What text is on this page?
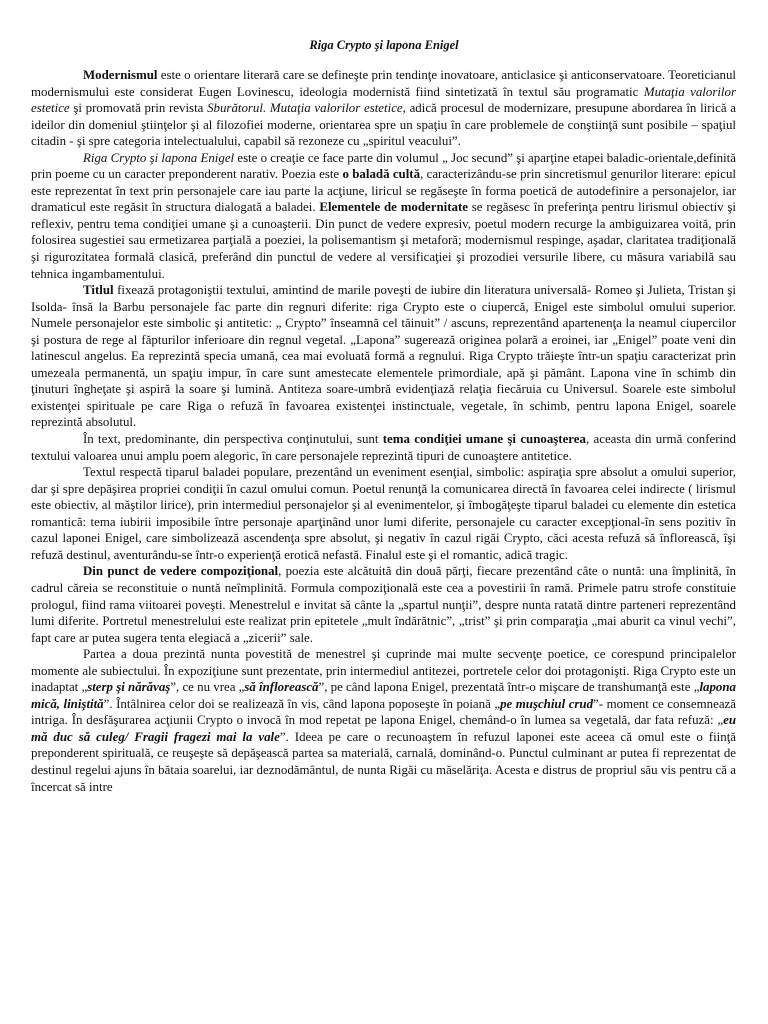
Riga Crypto şi lapona Enigel

Modernismul este o orientare literară care se defineşte prin tendinţe inovatoare, anticlasice şi anticonservatoare. Teoreticianul modernismului este considerat Eugen Lovinescu, ideologia modernistă fiind sintetizată în textul său programatic Mutaţia valorilor estetice şi promovată prin revista Sburătorul. Mutaţia valorilor estetice, adică procesul de modernizare, presupune abordarea în lirică a ideilor din domeniul ştiinţelor şi al filozofiei moderne, orientarea spre un spaţiu în care problemele de conştiinţă sunt posibile – spaţiul citadin - şi spre categoria intelectualului, capabil să rezoneze cu „spiritul veacului”.

Riga Crypto şi lapona Enigel este o creaţie ce face parte din volumul „ Joc secund” şi aparţine etapei baladic-orientale,definită prin poeme cu un caracter preponderent narativ. Poezia este o baladă cultă, caracterizându-se prin sincretismul genurilor literare: epicul este reprezentat în text prin personajele care iau parte la acţiune, liricul se regăseşte în forma poetică de autodefinire a personajelor, iar dramaticul este regăsit în structura dialogată a baladei. Elementele de modernitate se regăsesc în preferinţa pentru lirismul obiectiv şi reflexiv, pentru tema condiţiei umane şi a cunoaşterii. Din punct de vedere expresiv, poetul modern recurge la ambiguizarea voită, prin folosirea sugestiei sau ermetizarea parţială a poeziei, la polisemantism şi metaforă; modernismul respinge, aşadar, claritatea tradiţională şi rigurozitatea formală clasică, preferând din punctul de vedere al versificaţiei şi prozodiei versurile libere, cu măsura variabilă sau tehnica ingambamentului.

Titlul fixează protagoniştii textului, amintind de marile poveşti de iubire din literatura universală- Romeo şi Julieta, Tristan şi Isolda- însă la Barbu personajele fac parte din regnuri diferite: riga Crypto este o ciupercă, Enigel este simbolul omului superior. Numele personajelor este simbolic şi antitetic: „ Crypto” înseamnă cel tăinuit” / ascuns, reprezentând apartenenţa la neamul ciupercilor şi postura de rege al făpturilor inferioare din regnul vegetal. „Lapona” sugerează originea polară a eroinei, iar „Enigel” poate veni din latinescul angelus. Ea reprezintă specia umană, cea mai evoluată formă a regnului. Riga Crypto trăieşte într-un spaţiu caracterizat prin umezeala permanentă, un spaţiu impur, în care sunt amestecate elementele primordiale, apă şi pământ. Lapona vine în schimb din ţinuturi îngheţate şi aspiră la soare şi lumină. Antiteza soare-umbră evidenţiază relaţia fiecăruia cu Universul. Soarele este simbolul existenţei spirituale pe care Riga o refuză în favoarea existenţei instinctuale, vegetale, în schimb, pentru lapona Enigel, soarele reprezintă absolutul.

În text, predominante, din perspectiva conţinutului, sunt tema condiţiei umane şi cunoaşterea, aceasta din urmă conferind textului valoarea unui amplu poem alegoric, în care personajele reprezintă tipuri de cunoaştere antitetice.

Textul respectă tiparul baladei populare, prezentând un eveniment esenţial, simbolic: aspiraţia spre absolut a omului superior, dar şi spre depăşirea propriei condiţii în cazul omului comun. Poetul renunţă la comunicarea directă în favoarea celei indirecte ( lirismul este obiectiv, al măştilor lirice), prin intermediul personajelor şi al evenimentelor, şi îmbogăţeşte tiparul baladei cu elemente din estetica romantică: tema iubirii imposibile între personaje aparţinând unor lumi diferite, personajele cu caracter excepţional-în sens pozitiv în cazul laponei Enigel, care simbolizează ascendenţa spre absolut, şi negativ în cazul rigăi Crypto, căci acesta refuză să înflorească, îşi refuză destinul, aventurându-se într-o experienţă erotică nefastă. Finalul este şi el romantic, adică tragic.

Din punct de vedere compoziţional, poezia este alcătuită din două părţi, fiecare prezentând câte o nuntă: una împlinită, în cadrul căreia se reconstituie o nuntă neîmplinită. Formula compoziţională este cea a povestirii în ramă. Primele patru strofe constituie prologul, fiind rama viitoarei poveşti. Menestrelul e invitat să cânte la „spartul nunţii”, despre nunta ratată dintre parteneri reprezentând lumi diferite. Portretul menestrelului este realizat prin epitetele „mult îndărătnic”, „trist” şi prin comparaţia „mai aburit ca vinul vechi”, fapt care ar putea sugera tenta elegiacă a „zicerii” sale.

Partea a doua prezintă nunta povestită de menestrel şi cuprinde mai multe secvenţe poetice, ce corespund principalelor momente ale subiectului. În expoziţiune sunt prezentate, prin intermediul antitezei, portretele celor doi protagonişti. Riga Crypto este un inadaptat „sterp şi nărăvaş”, ce nu vrea „să înflorească”, pe când lapona Enigel, prezentată într-o mişcare de transhumanţă este „lapona mică, liniştită”. Întâlnirea celor doi se realizează în vis, când lapona poposeşte în poiană „pe muşchiul crud”- moment ce consemnează intriga. În desfăşurarea acţiunii Crypto o invocă în mod repetat pe lapona Enigel, chemând-o în lumea sa vegetală, dar fata refuză: „eu mă duc să culeg/ Fragii fragezi mai la vale”. Ideea pe care o recunoaştem în refuzul laponei este aceea că omul este o fiinţă preponderent spirituală, ce reuşeşte să depăşească partea sa materială, carnală, dominând-o. Punctul culminant ar putea fi reprezentat de destinul regelui ajuns în bătaia soarelui, iar deznodământul, de nunta Rigăi cu măselăriţa. Acesta e distrus de propriul său vis pentru că a încercat să intre
